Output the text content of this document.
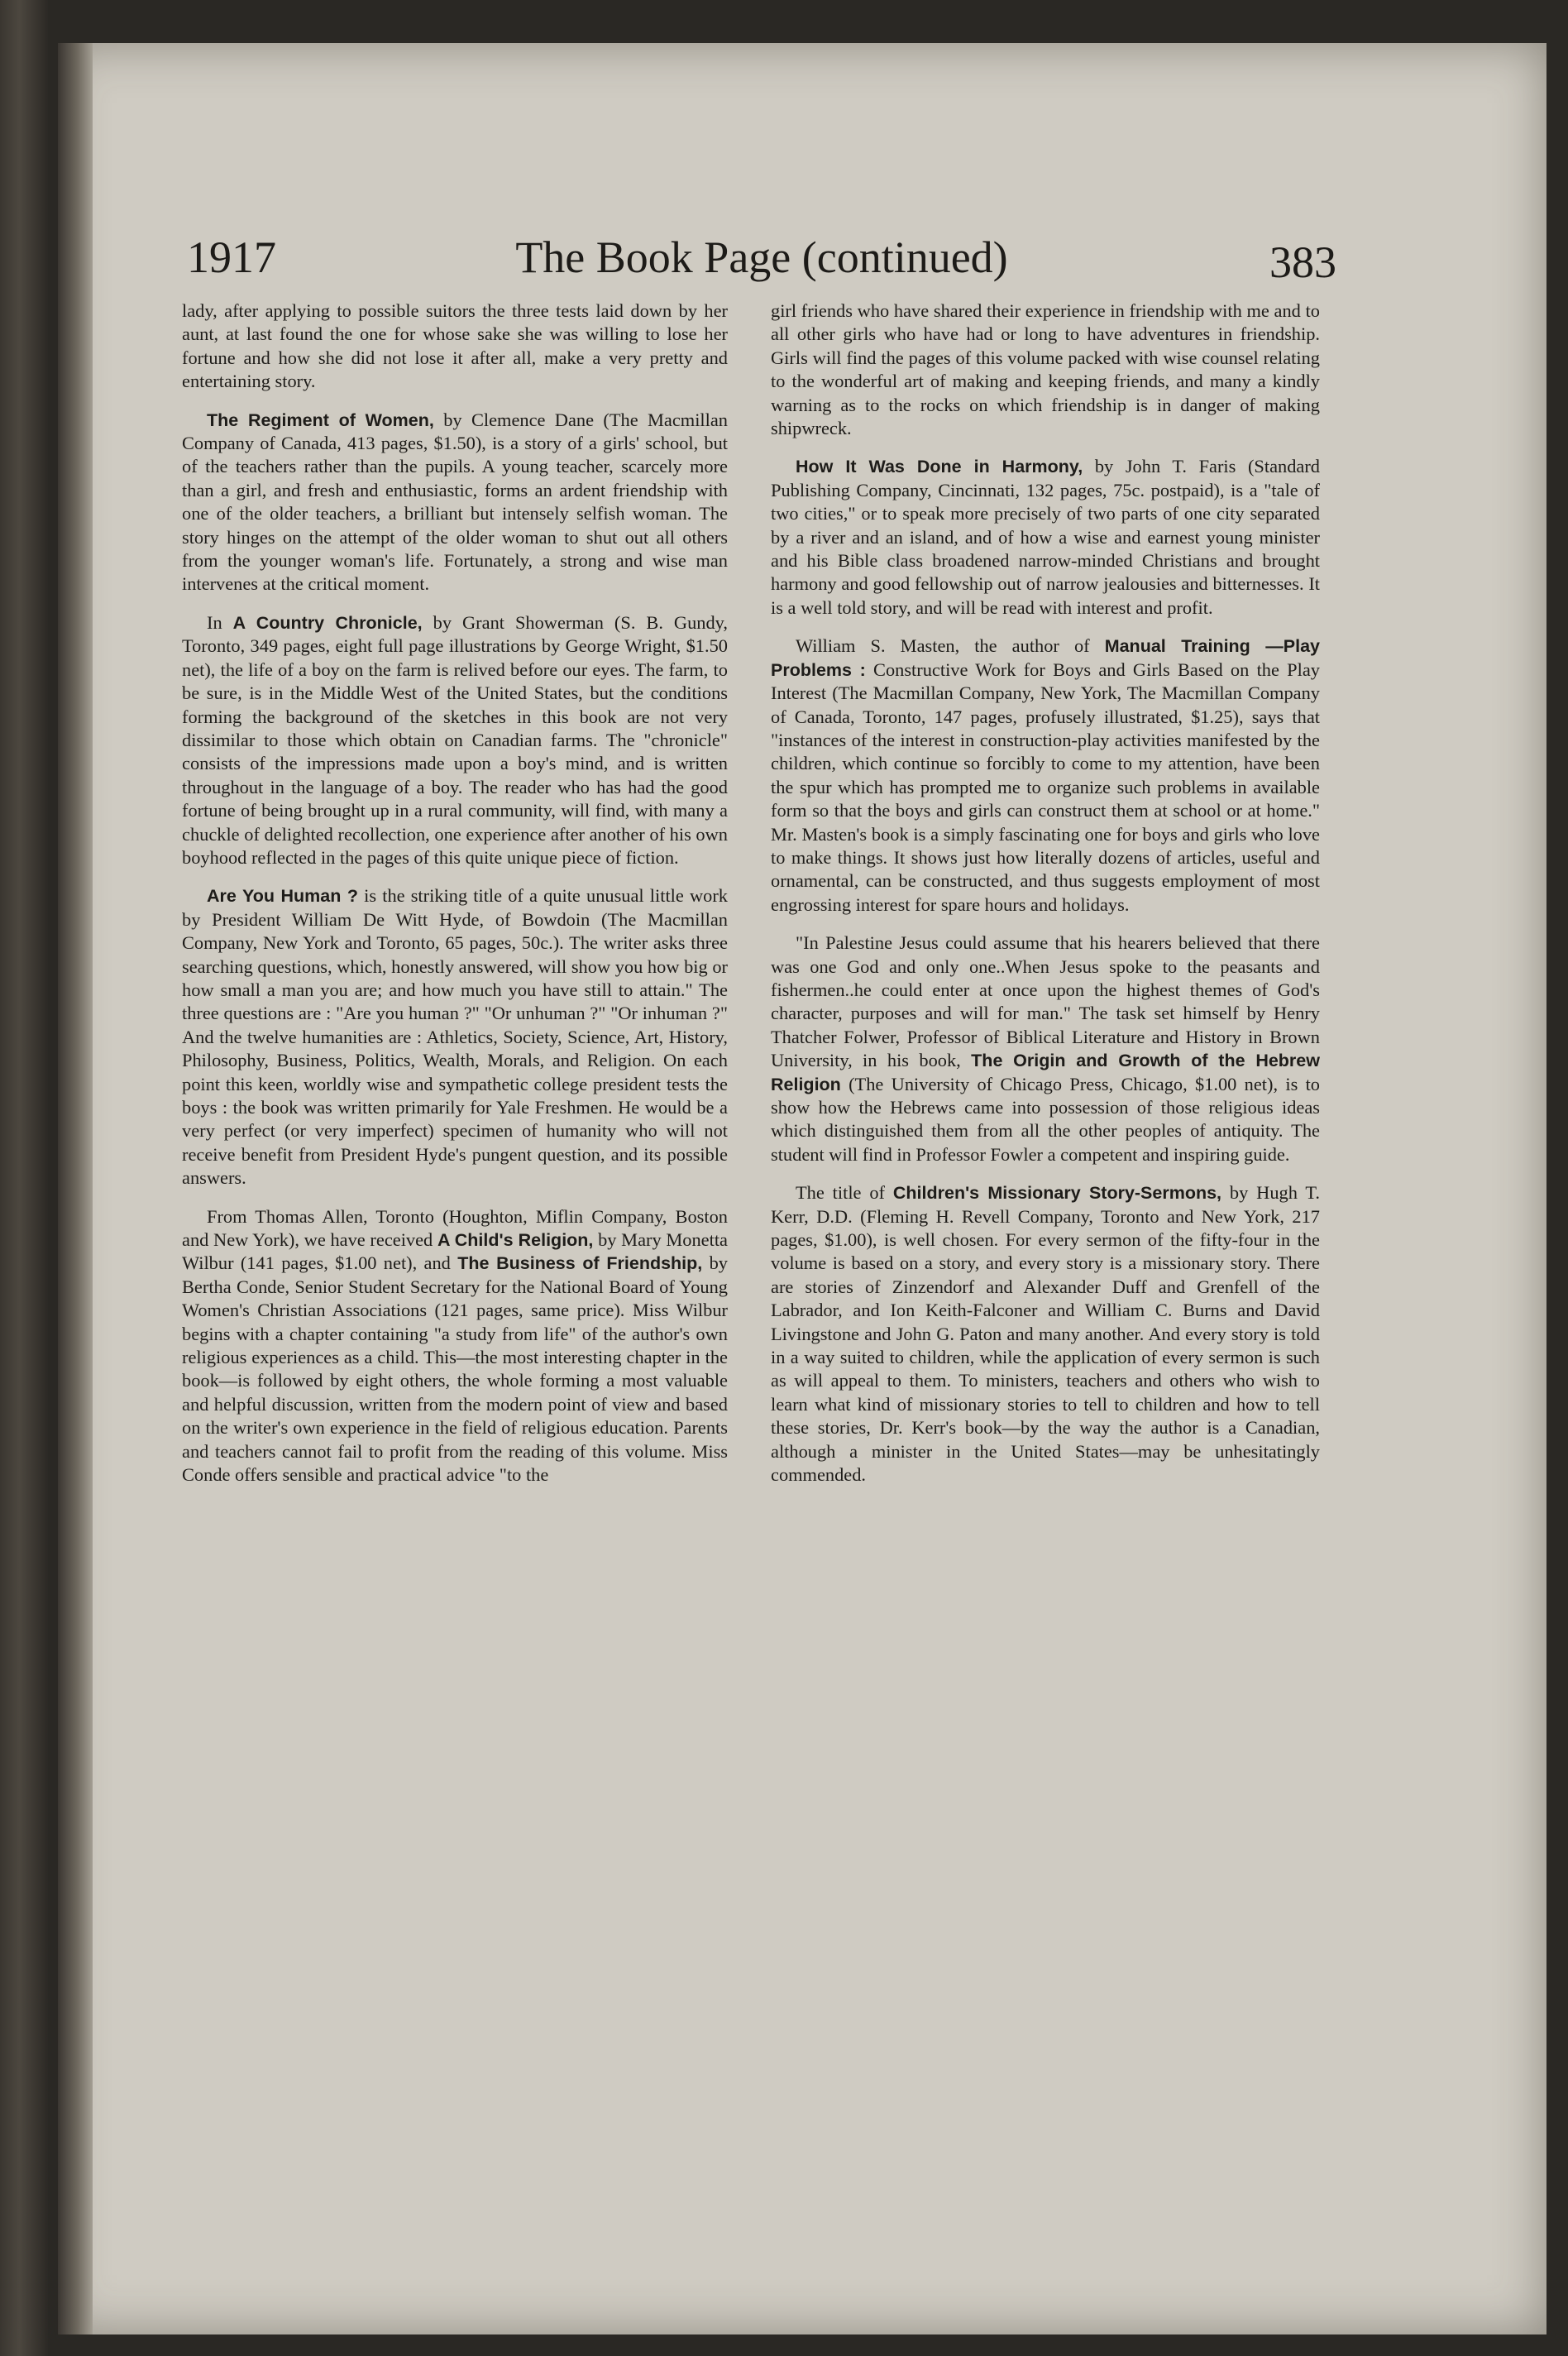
1917	The Book Page (continued)	383

lady, after applying to possible suitors the three tests laid down by her aunt, at last found the one for whose sake she was willing to lose her fortune and how she did not lose it after all, make a very pretty and entertaining story.

The Regiment of Women, by Clemence Dane (The Macmillan Company of Canada, 413 pages, $1.50), is a story of a girls' school, but of the teachers rather than the pupils. A young teacher, scarcely more than a girl, and fresh and enthusiastic, forms an ardent friendship with one of the older teachers, a brilliant but intensely selfish woman. The story hinges on the attempt of the older woman to shut out all others from the younger woman's life. Fortunately, a strong and wise man intervenes at the critical moment.

In A Country Chronicle, by Grant Showerman (S. B. Gundy, Toronto, 349 pages, eight full page illustrations by George Wright, $1.50 net), the life of a boy on the farm is relived before our eyes. The farm, to be sure, is in the Middle West of the United States, but the conditions forming the background of the sketches in this book are not very dissimilar to those which obtain on Canadian farms. The "chronicle" consists of the impressions made upon a boy's mind, and is written throughout in the language of a boy. The reader who has had the good fortune of being brought up in a rural community, will find, with many a chuckle of delighted recollection, one experience after another of his own boyhood reflected in the pages of this quite unique piece of fiction.

Are You Human ? is the striking title of a quite unusual little work by President William De Witt Hyde, of Bowdoin (The Macmillan Company, New York and Toronto, 65 pages, 50c.). The writer asks three searching questions, which, honestly answered, will show you how big or how small a man you are; and how much you have still to attain." The three questions are : "Are you human ?" "Or unhuman ?" "Or inhuman ?" And the twelve humanities are : Athletics, Society, Science, Art, History, Philosophy, Business, Politics, Wealth, Morals, and Religion. On each point this keen, worldly wise and sympathetic college president tests the boys : the book was written primarily for Yale Freshmen. He would be a very perfect (or very imperfect) specimen of humanity who will not receive benefit from President Hyde's pungent question, and its possible answers.

From Thomas Allen, Toronto (Houghton, Miflin Company, Boston and New York), we have received A Child's Religion, by Mary Monetta Wilbur (141 pages, $1.00 net), and The Business of Friendship, by Bertha Conde, Senior Student Secretary for the National Board of Young Women's Christian Associations (121 pages, same price). Miss Wilbur begins with a chapter containing "a study from life" of the author's own religious experiences as a child. This—the most interesting chapter in the book—is followed by eight others, the whole forming a most valuable and helpful discussion, written from the modern point of view and based on the writer's own experience in the field of religious education. Parents and teachers cannot fail to profit from the reading of this volume. Miss Conde offers sensible and practical advice "to the

girl friends who have shared their experience in friendship with me and to all other girls who have had or long to have adventures in friendship. Girls will find the pages of this volume packed with wise counsel relating to the wonderful art of making and keeping friends, and many a kindly warning as to the rocks on which friendship is in danger of making shipwreck.

How It Was Done in Harmony, by John T. Faris (Standard Publishing Company, Cincinnati, 132 pages, 75c. postpaid), is a "tale of two cities," or to speak more precisely of two parts of one city separated by a river and an island, and of how a wise and earnest young minister and his Bible class broadened narrow-minded Christians and brought harmony and good fellowship out of narrow jealousies and bitternesses. It is a well told story, and will be read with interest and profit.

William S. Masten, the author of Manual Training —Play Problems : Constructive Work for Boys and Girls Based on the Play Interest (The Macmillan Company, New York, The Macmillan Company of Canada, Toronto, 147 pages, profusely illustrated, $1.25), says that "instances of the interest in construction-play activities manifested by the children, which continue so forcibly to come to my attention, have been the spur which has prompted me to organize such problems in available form so that the boys and girls can construct them at school or at home." Mr. Masten's book is a simply fascinating one for boys and girls who love to make things. It shows just how literally dozens of articles, useful and ornamental, can be constructed, and thus suggests employment of most engrossing interest for spare hours and holidays.

"In Palestine Jesus could assume that his hearers believed that there was one God and only one..When Jesus spoke to the peasants and fishermen..he could enter at once upon the highest themes of God's character, purposes and will for man." The task set himself by Henry Thatcher Folwer, Professor of Biblical Literature and History in Brown University, in his book, The Origin and Growth of the Hebrew Religion (The University of Chicago Press, Chicago, $1.00 net), is to show how the Hebrews came into possession of those religious ideas which distinguished them from all the other peoples of antiquity. The student will find in Professor Fowler a competent and inspiring guide.

The title of Children's Missionary Story-Sermons, by Hugh T. Kerr, D.D. (Fleming H. Revell Company, Toronto and New York, 217 pages, $1.00), is well chosen. For every sermon of the fifty-four in the volume is based on a story, and every story is a missionary story. There are stories of Zinzendorf and Alexander Duff and Grenfell of the Labrador, and Ion Keith-Falconer and William C. Burns and David Livingstone and John G. Paton and many another. And every story is told in a way suited to children, while the application of every sermon is such as will appeal to them. To ministers, teachers and others who wish to learn what kind of missionary stories to tell to children and how to tell these stories, Dr. Kerr's book—by the way the author is a Canadian, although a minister in the United States—may be unhesitatingly commended.
